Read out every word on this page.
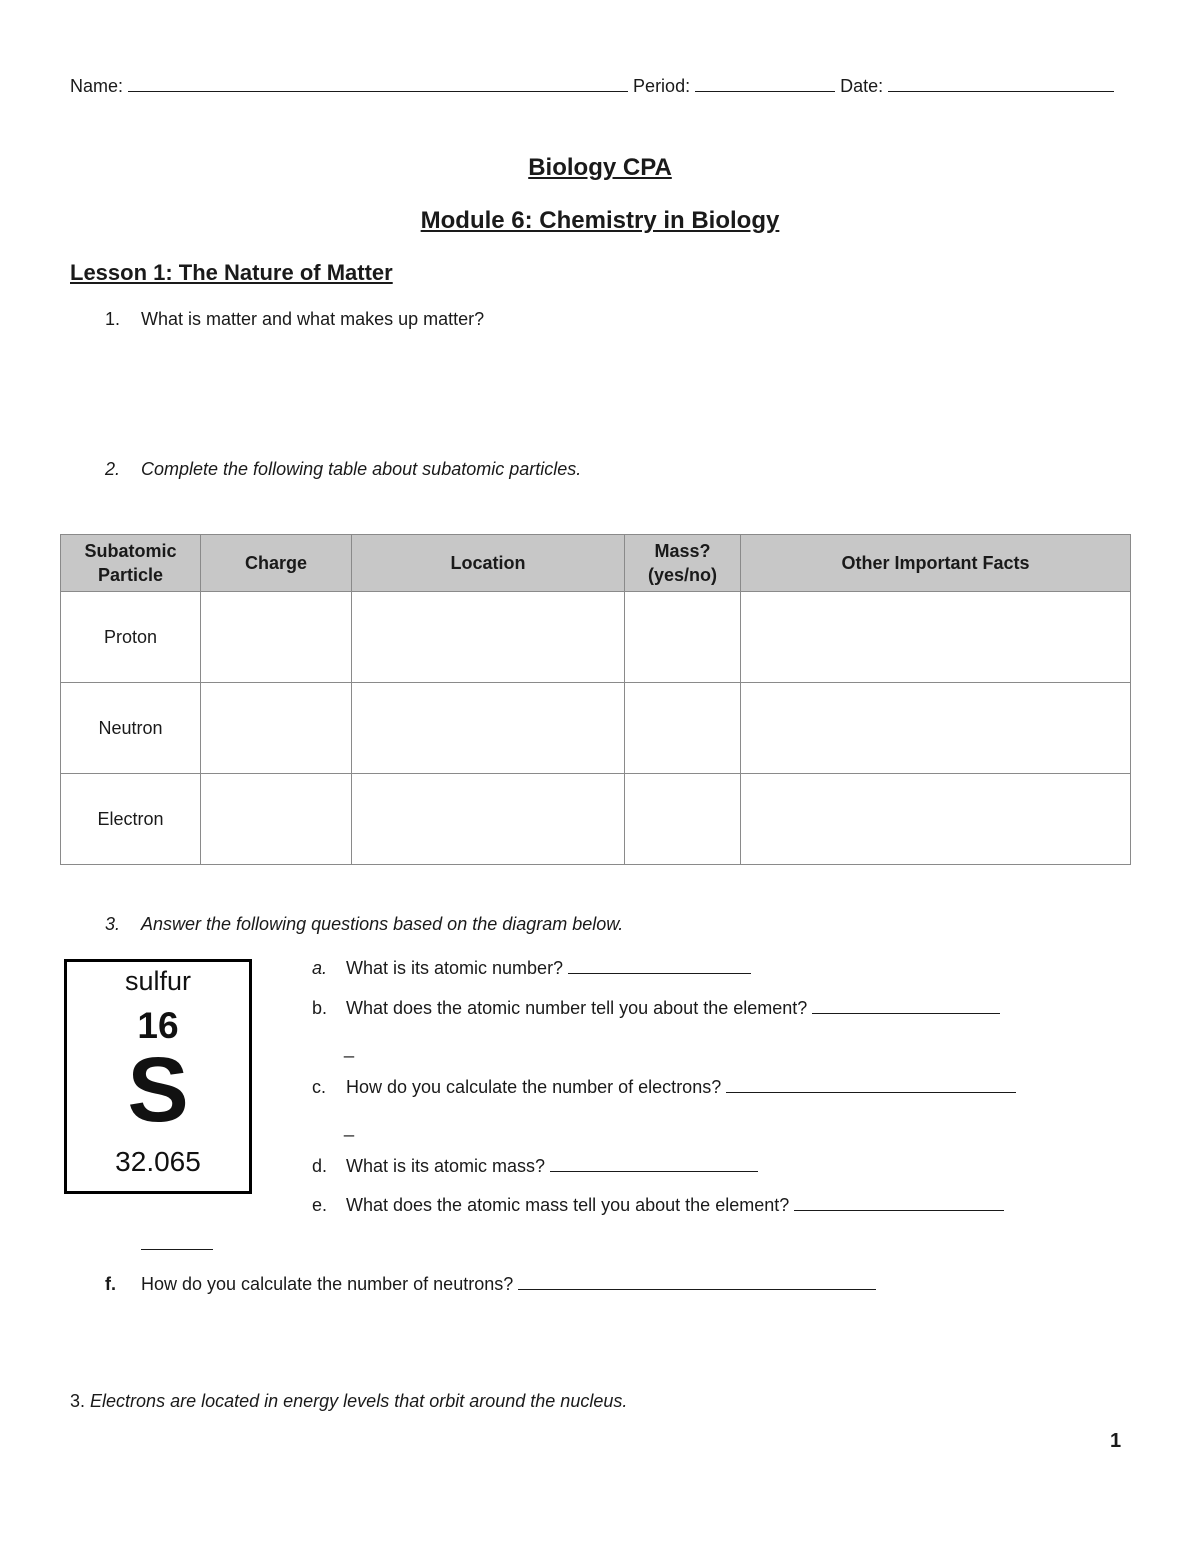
Name:	Period:	Date:
Biology CPA
Module 6: Chemistry in Biology
Lesson 1: The Nature of Matter
1. What is matter and what makes up matter?
2. Complete the following table about subatomic particles.
Subatomic Particle	Charge	Location	Mass? (yes/no)	Other Important Facts
Proton				
Neutron				
Electron				
3. Answer the following questions based on the diagram below.
sulfur
16
S
32.065
a. What is its atomic number?
b. What does the atomic number tell you about the element?
_
c. How do you calculate the number of electrons?
_
d. What is its atomic mass?
e. What does the atomic mass tell you about the element?
f. How do you calculate the number of neutrons?
3. Electrons are located in energy levels that orbit around the nucleus.
1
